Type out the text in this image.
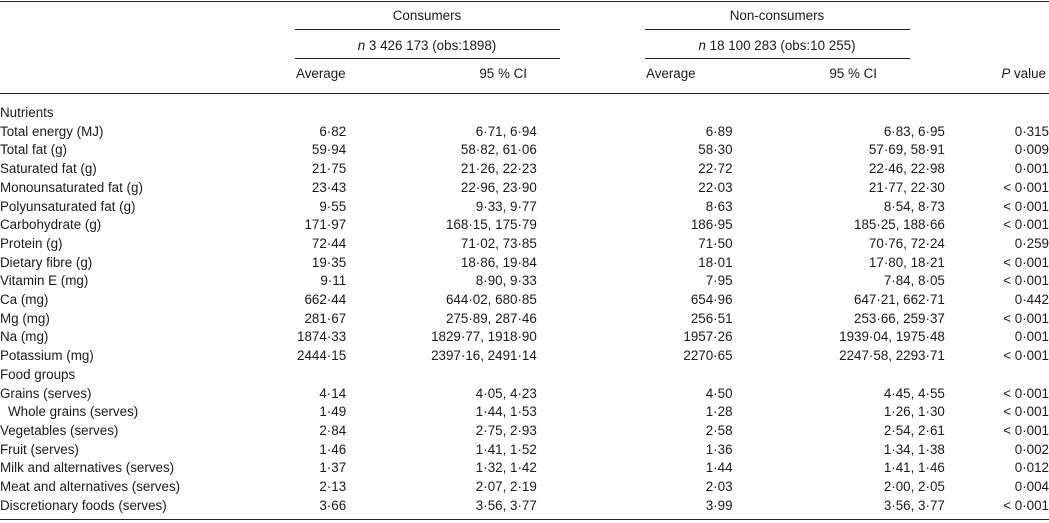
Consumers	Non-consumers
n 3 426 173 (obs:1898)	n 18 100 283 (obs:10 255)
Average	95 % CI	Average	95 % CI	P value
Nutrients					
Total energy (MJ)	6·82	6·71, 6·94	6·89	6·83, 6·95	0·315
Total fat (g)	59·94	58·82, 61·06	58·30	57·69, 58·91	0·009
Saturated fat (g)	21·75	21·26, 22·23	22·72	22·46, 22·98	0·001
Monounsaturated fat (g)	23·43	22·96, 23·90	22·03	21·77, 22·30	< 0·001
Polyunsaturated fat (g)	9·55	9·33, 9·77	8·63	8·54, 8·73	< 0·001
Carbohydrate (g)	171·97	168·15, 175·79	186·95	185·25, 188·66	< 0·001
Protein (g)	72·44	71·02, 73·85	71·50	70·76, 72·24	0·259
Dietary fibre (g)	19·35	18·86, 19·84	18·01	17·80, 18·21	< 0·001
Vitamin E (mg)	9·11	8·90, 9·33	7·95	7·84, 8·05	< 0·001
Ca (mg)	662·44	644·02, 680·85	654·96	647·21, 662·71	0·442
Mg (mg)	281·67	275·89, 287·46	256·51	253·66, 259·37	< 0·001
Na (mg)	1874·33	1829·77, 1918·90	1957·26	1939·04, 1975·48	0·001
Potassium (mg)	2444·15	2397·16, 2491·14	2270·65	2247·58, 2293·71	< 0·001
Food groups					
Grains (serves)	4·14	4·05, 4·23	4·50	4·45, 4·55	< 0·001
Whole grains (serves)	1·49	1·44, 1·53	1·28	1·26, 1·30	< 0·001
Vegetables (serves)	2·84	2·75, 2·93	2·58	2·54, 2·61	< 0·001
Fruit (serves)	1·46	1·41, 1·52	1·36	1·34, 1·38	0·002
Milk and alternatives (serves)	1·37	1·32, 1·42	1·44	1·41, 1·46	0·012
Meat and alternatives (serves)	2·13	2·07, 2·19	2·03	2·00, 2·05	0·004
Discretionary foods (serves)	3·66	3·56, 3·77	3·99	3·56, 3·77	< 0·001
